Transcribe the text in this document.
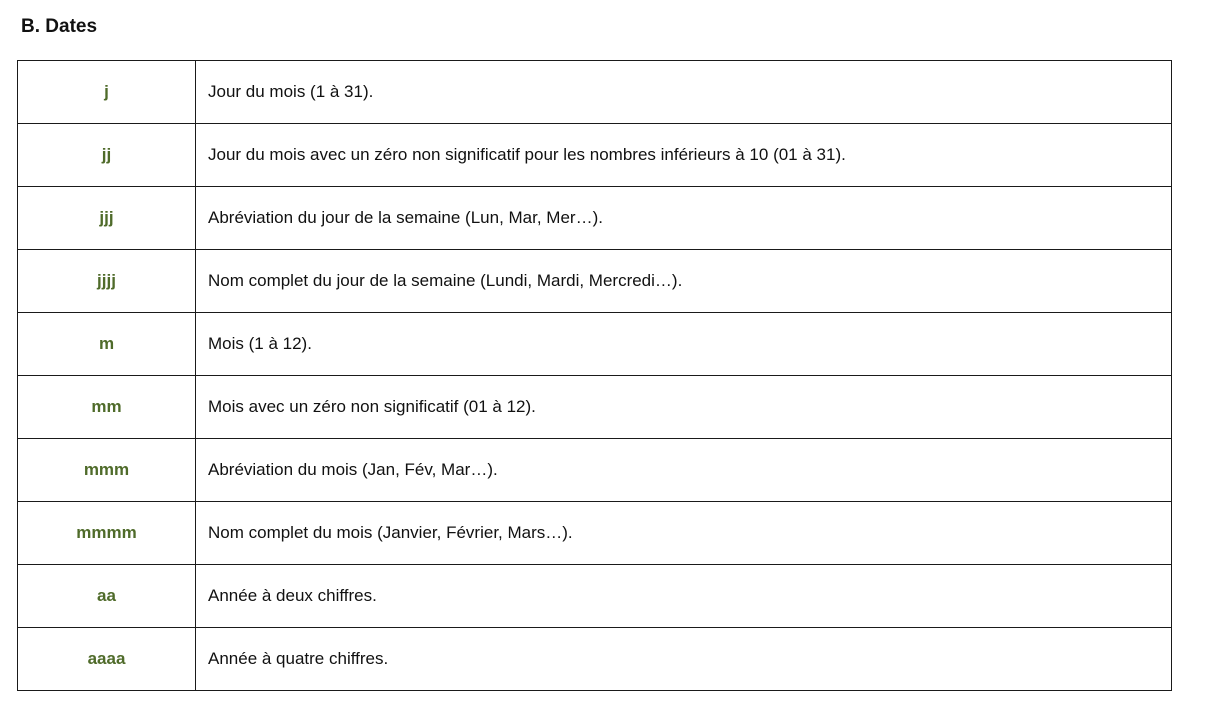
B. Dates
j	Jour du mois (1 à 31).
jj	Jour du mois avec un zéro non significatif pour les nombres inférieurs à 10 (01 à 31).
jjj	Abréviation du jour de la semaine (Lun, Mar, Mer…).
jjjj	Nom complet du jour de la semaine (Lundi, Mardi, Mercredi…).
m	Mois (1 à 12).
mm	Mois avec un zéro non significatif (01 à 12).
mmm	Abréviation du mois (Jan, Fév, Mar…).
mmmm	Nom complet du mois (Janvier, Février, Mars…).
aa	Année à deux chiffres.
aaaa	Année à quatre chiffres.
